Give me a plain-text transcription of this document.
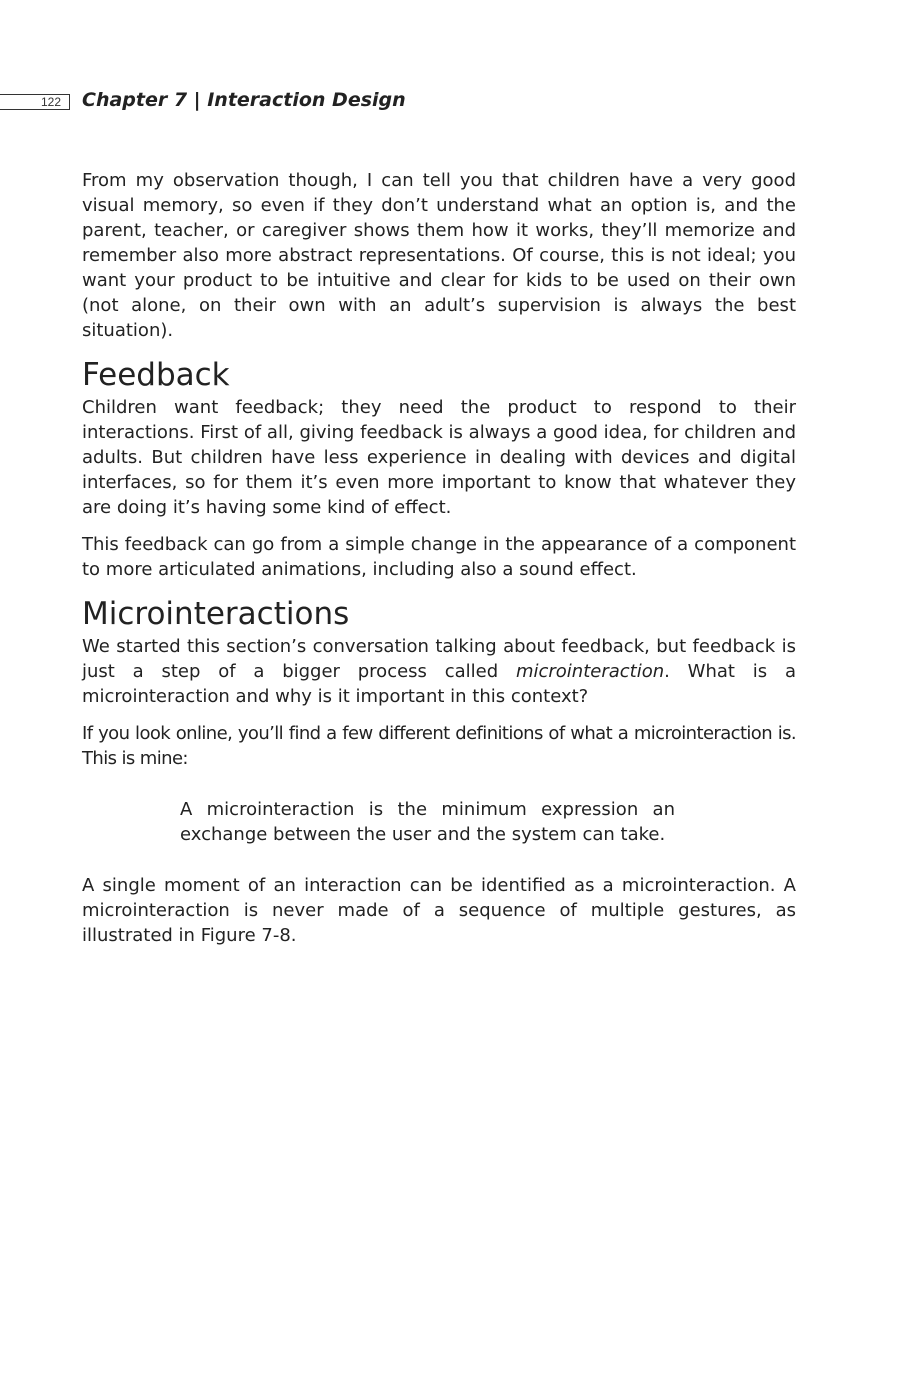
122	Chapter 7 | Interaction Design

From my observation though, I can tell you that children have a very good visual memory, so even if they don’t understand what an option is, and the parent, teacher, or caregiver shows them how it works, they’ll memorize and remember also more abstract representations. Of course, this is not ideal; you want your product to be intuitive and clear for kids to be used on their own (not alone, on their own with an adult’s supervision is always the best situation).

Feedback

Children want feedback; they need the product to respond to their interactions. First of all, giving feedback is always a good idea, for children and adults. But children have less experience in dealing with devices and digital interfaces, so for them it’s even more important to know that whatever they are doing it’s having some kind of effect.

This feedback can go from a simple change in the appearance of a component to more articulated animations, including also a sound effect.

Microinteractions

We started this section’s conversation talking about feedback, but feedback is just a step of a bigger process called microinteraction. What is a microinteraction and why is it important in this context?

If you look online, you’ll find a few different definitions of what a microinteraction is. This is mine:

A microinteraction is the minimum expression an exchange between the user and the system can take.

A single moment of an interaction can be identified as a microinteraction. A microinteraction is never made of a sequence of multiple gestures, as illustrated in Figure 7-8.
